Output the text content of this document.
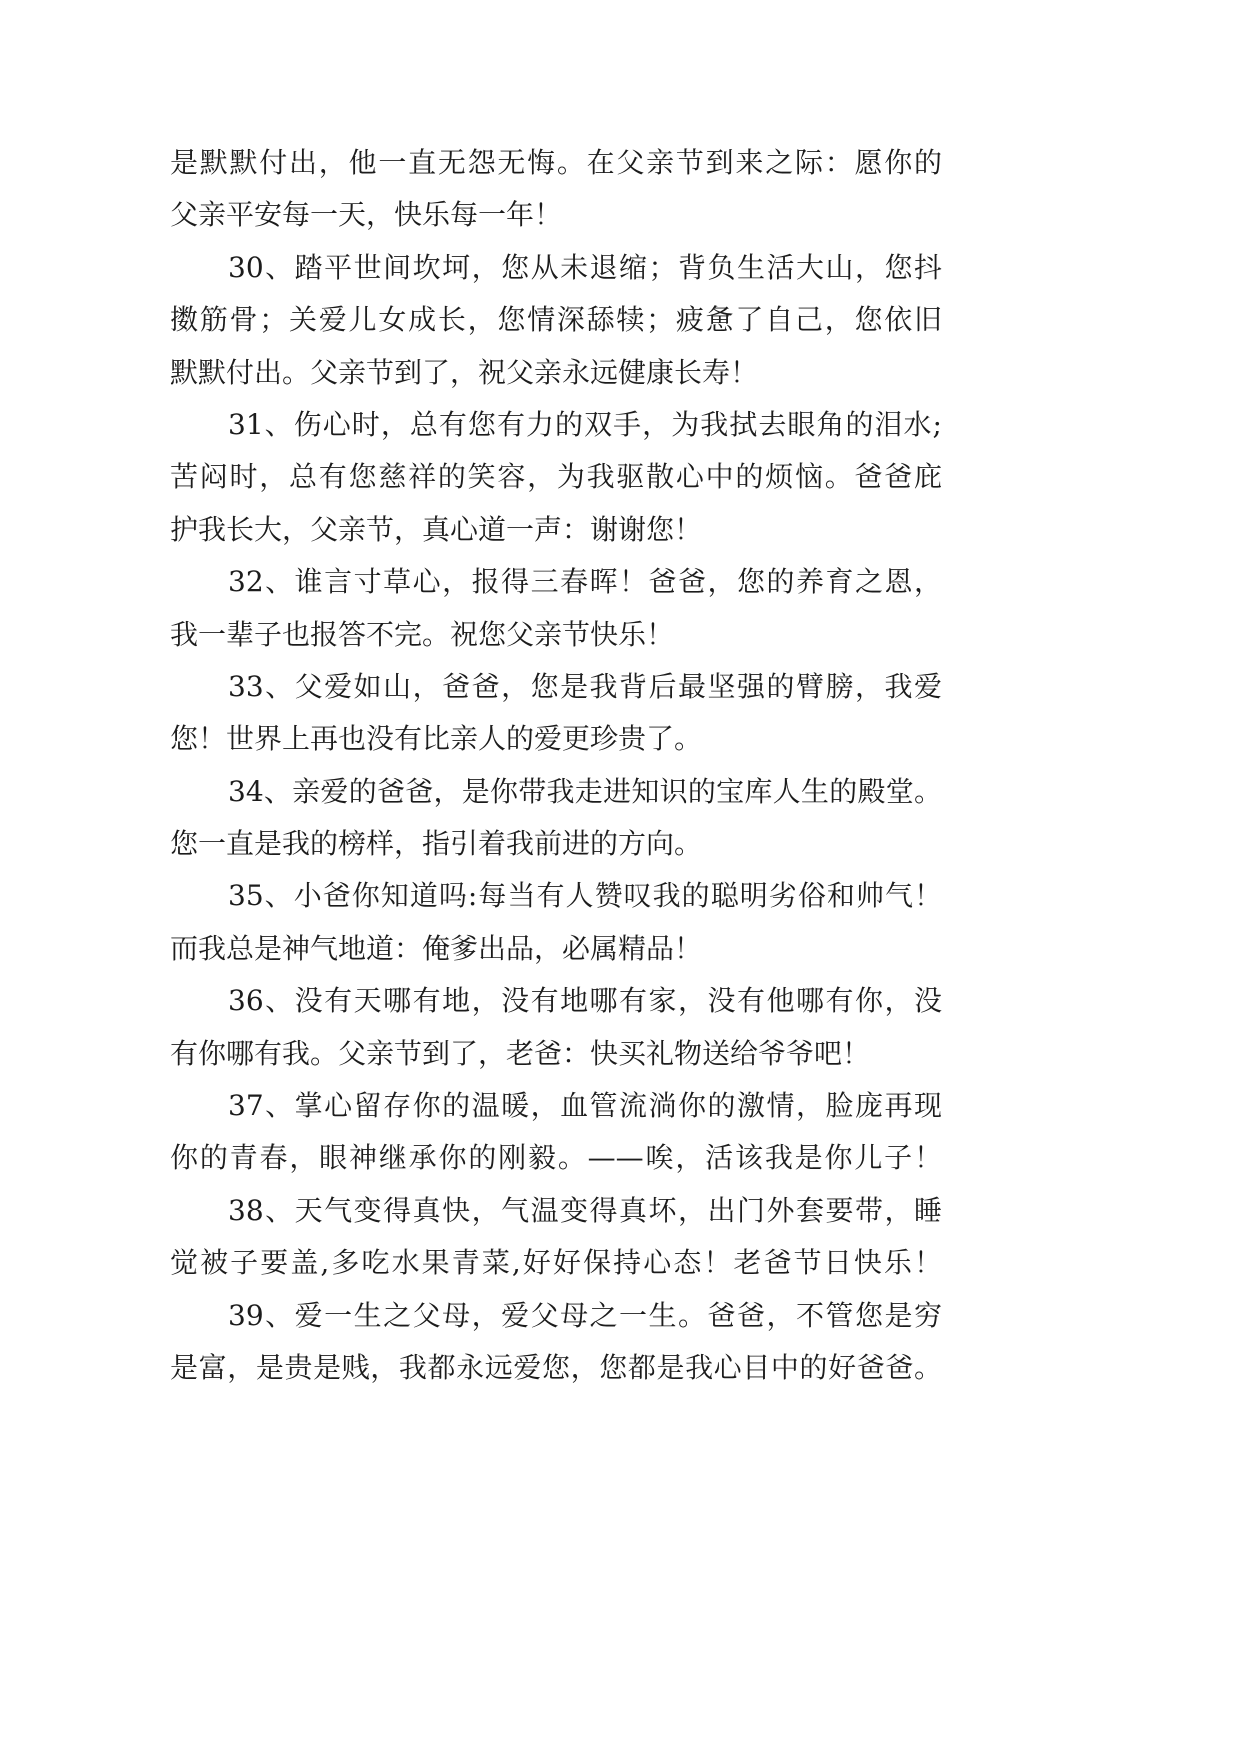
是默默付出，他一直无怨无悔。在父亲节到来之际：愿你的
父亲平安每一天，快乐每一年！
30、踏平世间坎坷，您从未退缩；背负生活大山，您抖
擞筋骨；关爱儿女成长，您情深舔犊；疲惫了自己，您依旧
默默付出。父亲节到了，祝父亲永远健康长寿！
31、伤心时，总有您有力的双手，为我拭去眼角的泪水;
苦闷时，总有您慈祥的笑容，为我驱散心中的烦恼。爸爸庇
护我长大，父亲节，真心道一声：谢谢您！
32、谁言寸草心，报得三春晖！爸爸，您的养育之恩，
我一辈子也报答不完。祝您父亲节快乐！
33、父爱如山，爸爸，您是我背后最坚强的臂膀，我爱
您！世界上再也没有比亲人的爱更珍贵了。
34、亲爱的爸爸，是你带我走进知识的宝库人生的殿堂。
您一直是我的榜样，指引着我前进的方向。
35、小爸你知道吗:每当有人赞叹我的聪明劣俗和帅气！
而我总是神气地道：俺爹出品，必属精品！
36、没有天哪有地，没有地哪有家，没有他哪有你，没
有你哪有我。父亲节到了，老爸：快买礼物送给爷爷吧！
37、掌心留存你的温暖，血管流淌你的激情，脸庞再现
你的青春，眼神继承你的刚毅。——唉，活该我是你儿子！
38、天气变得真快，气温变得真坏，出门外套要带，睡
觉被子要盖,多吃水果青菜,好好保持心态！老爸节日快乐！
39、爱一生之父母，爱父母之一生。爸爸，不管您是穷
是富，是贵是贱，我都永远爱您，您都是我心目中的好爸爸。
